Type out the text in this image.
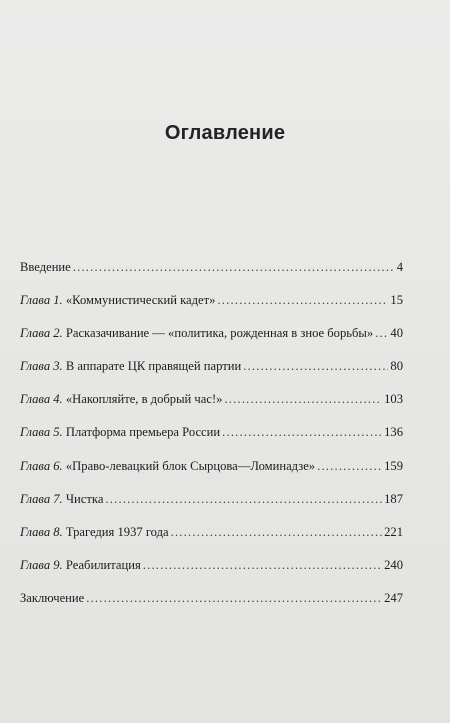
Оглавление
Введение .....	4
Глава 1. «Коммунистический кадет» .....	15
Глава 2. Расказачивание — «политика, рожденная в зное борьбы» ..... 40
Глава 3. В аппарате ЦК правящей партии .....	80
Глава 4. «Накопляйте, в добрый час!» .....	103
Глава 5. Платформа премьера России .....	136
Глава 6. «Право-левацкий блок Сырцова—Ломинадзе» .....	159
Глава 7. Чистка .....	187
Глава 8. Трагедия 1937 года .....	221
Глава 9. Реабилитация .....	240
Заключение .....	247
